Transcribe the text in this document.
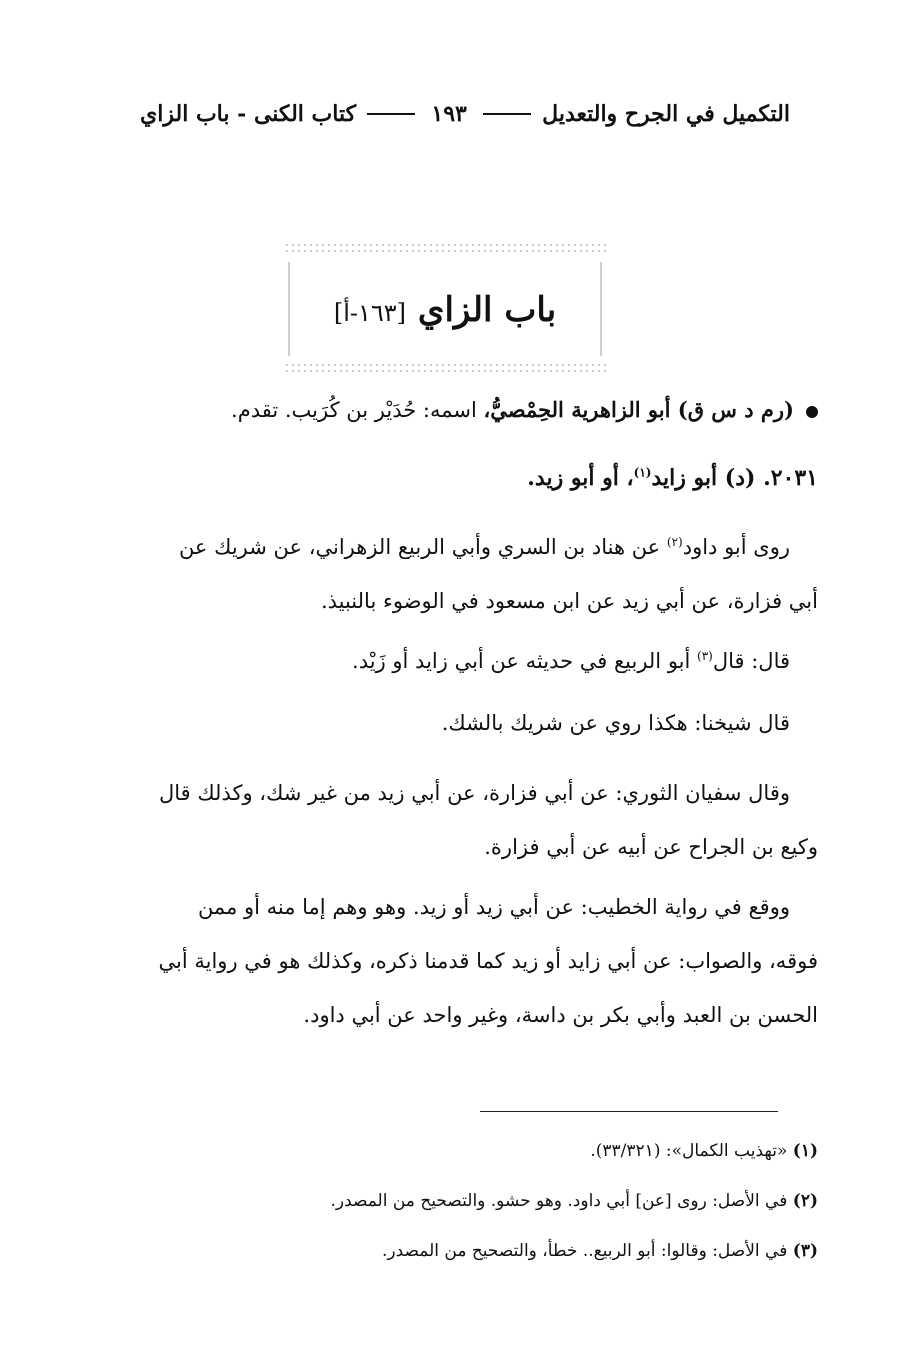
التكميل في الجرح والتعديل
١٩٣
كتاب الكنى - باب الزاي
باب الزاي [١٦٣-أ]
(رم د س ق) أبو الزاهرية الحِمْصيُّ، اسمه: حُدَيْر بن كُرَيب. تقدم.
٢٠٣١. (د) أبو زايد$^{(١)}$، أو أبو زيد.
روى أبو داود$^{(٢)}$ عن هناد بن السري وأبي الربيع الزهراني، عن شريك عن
أبي فزارة، عن أبي زيد عن ابن مسعود في الوضوء بالنبيذ.
قال: قال$^{(٣)}$ أبو الربيع في حديثه عن أبي زايد أو زَيْد.
قال شيخنا: هكذا روي عن شريك بالشك.
وقال سفيان الثوري: عن أبي فزارة، عن أبي زيد من غير شك، وكذلك قال
وكيع بن الجراح عن أبيه عن أبي فزارة.
ووقع في رواية الخطيب: عن أبي زيد أو زيد. وهو وهم إما منه أو ممن
فوقه، والصواب: عن أبي زايد أو زيد كما قدمنا ذكره، وكذلك هو في رواية أبي
الحسن بن العبد وأبي بكر بن داسة، وغير واحد عن أبي داود.
(١) «تهذيب الكمال»: (٣٣/٣٢١).
(٢) في الأصل: روى [عن] أبي داود. وهو حشو. والتصحيح من المصدر.
(٣) في الأصل: وقالوا: أبو الربيع.. خطأ، والتصحيح من المصدر.
